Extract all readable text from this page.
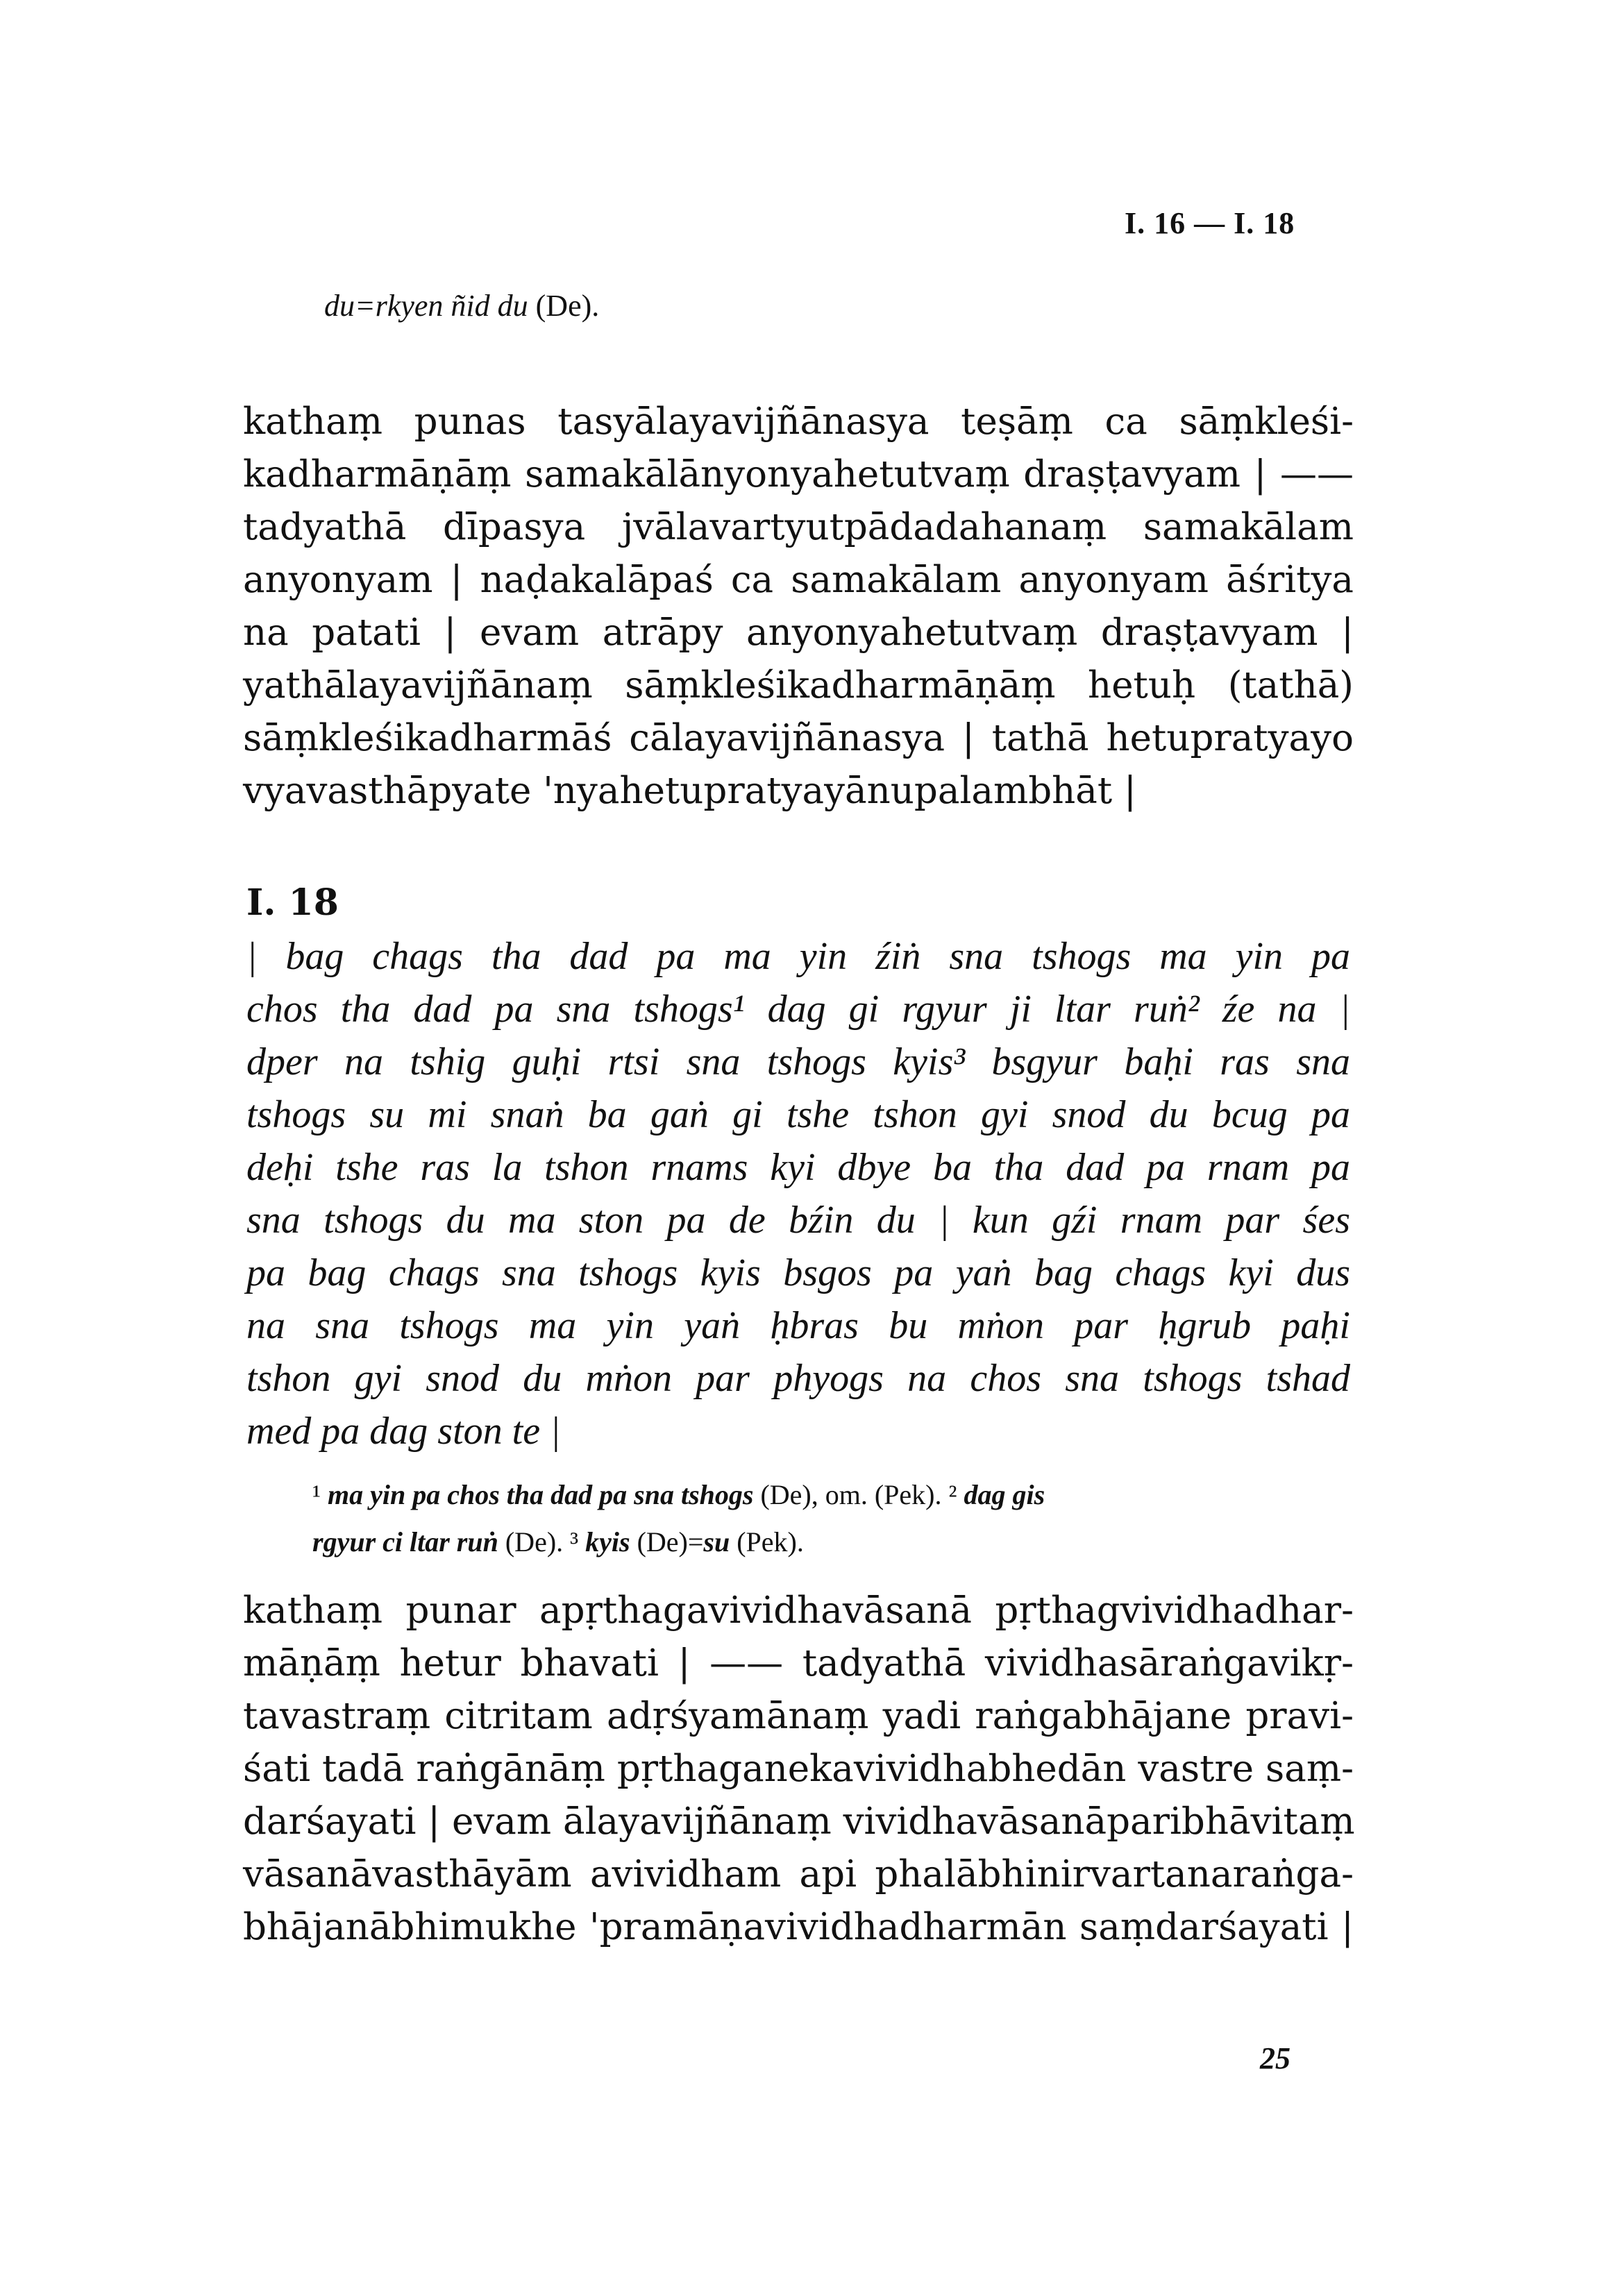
I. 16 — I. 18
du=rkyen ñid du (De).
kathaṃ punas tasyālayavijñānasya teṣāṃ ca sāṃkleśi-
kadharmāṇāṃ samakālānyonyahetutvaṃ draṣṭavyam | ——
tadyathā dīpasya jvālavartyutpādadahanaṃ samakālam
anyonyam | naḍakalāpaś ca samakālam anyonyam āśritya
na patati | evam atrāpy anyonyahetutvaṃ draṣṭavyam |
yathālayavijñānaṃ sāṃkleśikadharmāṇāṃ hetuḥ (tathā)
sāṃkleśikadharmāś cālayavijñānasya | tathā hetupratyayo
vyavasthāpyate 'nyahetupratyayānupalambhāt |
I. 18
| bag chags tha dad pa ma yin źiṅ sna tshogs ma yin pa
chos tha dad pa sna tshogs¹ dag gi rgyur ji ltar ruṅ² źe na |
dper na tshig guḥi rtsi sna tshogs kyis³ bsgyur baḥi ras sna
tshogs su mi snaṅ ba gaṅ gi tshe tshon gyi snod du bcug pa
deḥi tshe ras la tshon rnams kyi dbye ba tha dad pa rnam pa
sna tshogs du ma ston pa de bźin du | kun gźi rnam par śes
pa bag chags sna tshogs kyis bsgos pa yaṅ bag chags kyi dus
na sna tshogs ma yin yaṅ ḥbras bu mṅon par ḥgrub paḥi
tshon gyi snod du mṅon par phyogs na chos sna tshogs tshad
med pa dag ston te |
¹ ma yin pa chos tha dad pa sna tshogs (De), om. (Pek). ² dag gis
rgyur ci ltar ruṅ (De). ³ kyis (De)=su (Pek).
kathaṃ punar apṛthagavividhavāsanā pṛthagvividhadhar-
māṇāṃ hetur bhavati | —— tadyathā vividhasāraṅgavikṛ-
tavastraṃ citritam adṛśyamānaṃ yadi raṅgabhājane pravi-
śati tadā raṅgānāṃ pṛthaganekavividhabhedān vastre saṃ-
darśayati | evam ālayavijñānaṃ vividhavāsanāparibhāvitaṃ
vāsanāvasthāyām avividham api phalābhinirvartanaraṅga-
bhājanābhimukhe 'pramāṇavividhadharmān saṃdarśayati |
25
